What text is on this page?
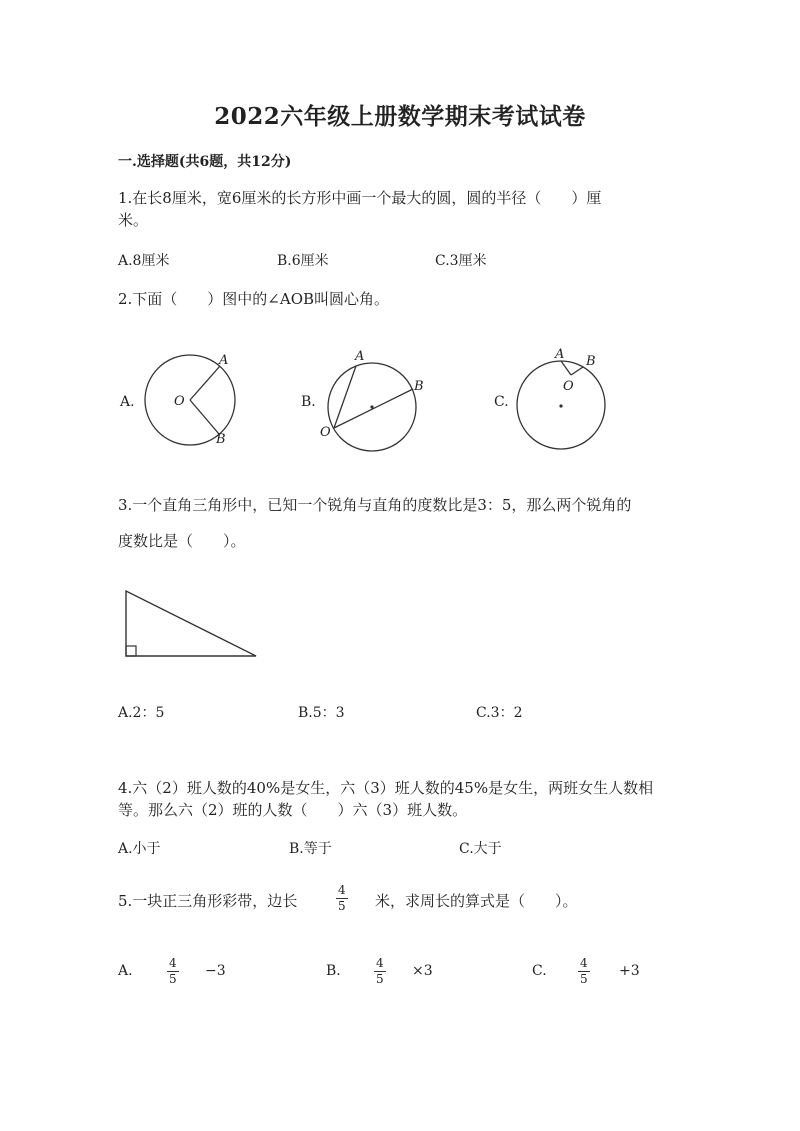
2022六年级上册数学期末考试试卷
一.选择题(共6题，共12分)
1.在长8厘米，宽6厘米的长方形中画一个最大的圆，圆的半径（　　）厘
米。
A.8厘米	B.6厘米	C.3厘米
2.下面（　　）图中的∠AOB叫圆心角。
A.	O
A
B
B.
O
A
B
C.
A B
O
3.一个直角三角形中，已知一个锐角与直角的度数比是3：5，那么两个锐角的
度数比是（　　）。
A.2：5	B.5：3	C.3：2
4.六（2）班人数的40%是女生，六（3）班人数的45%是女生，两班女生人数相
等。那么六（2）班的人数（　　）六（3）班人数。
A.小于	B.等于	C.大于
5.一块正三角形彩带，边长	$\frac{4}{5}$ 米，求周长的算式是（　　）。
A.	$\frac{4}{5} -3$	B.	$\frac{4}{5} \times 3$	C.	$\frac{4}{5} +3$
